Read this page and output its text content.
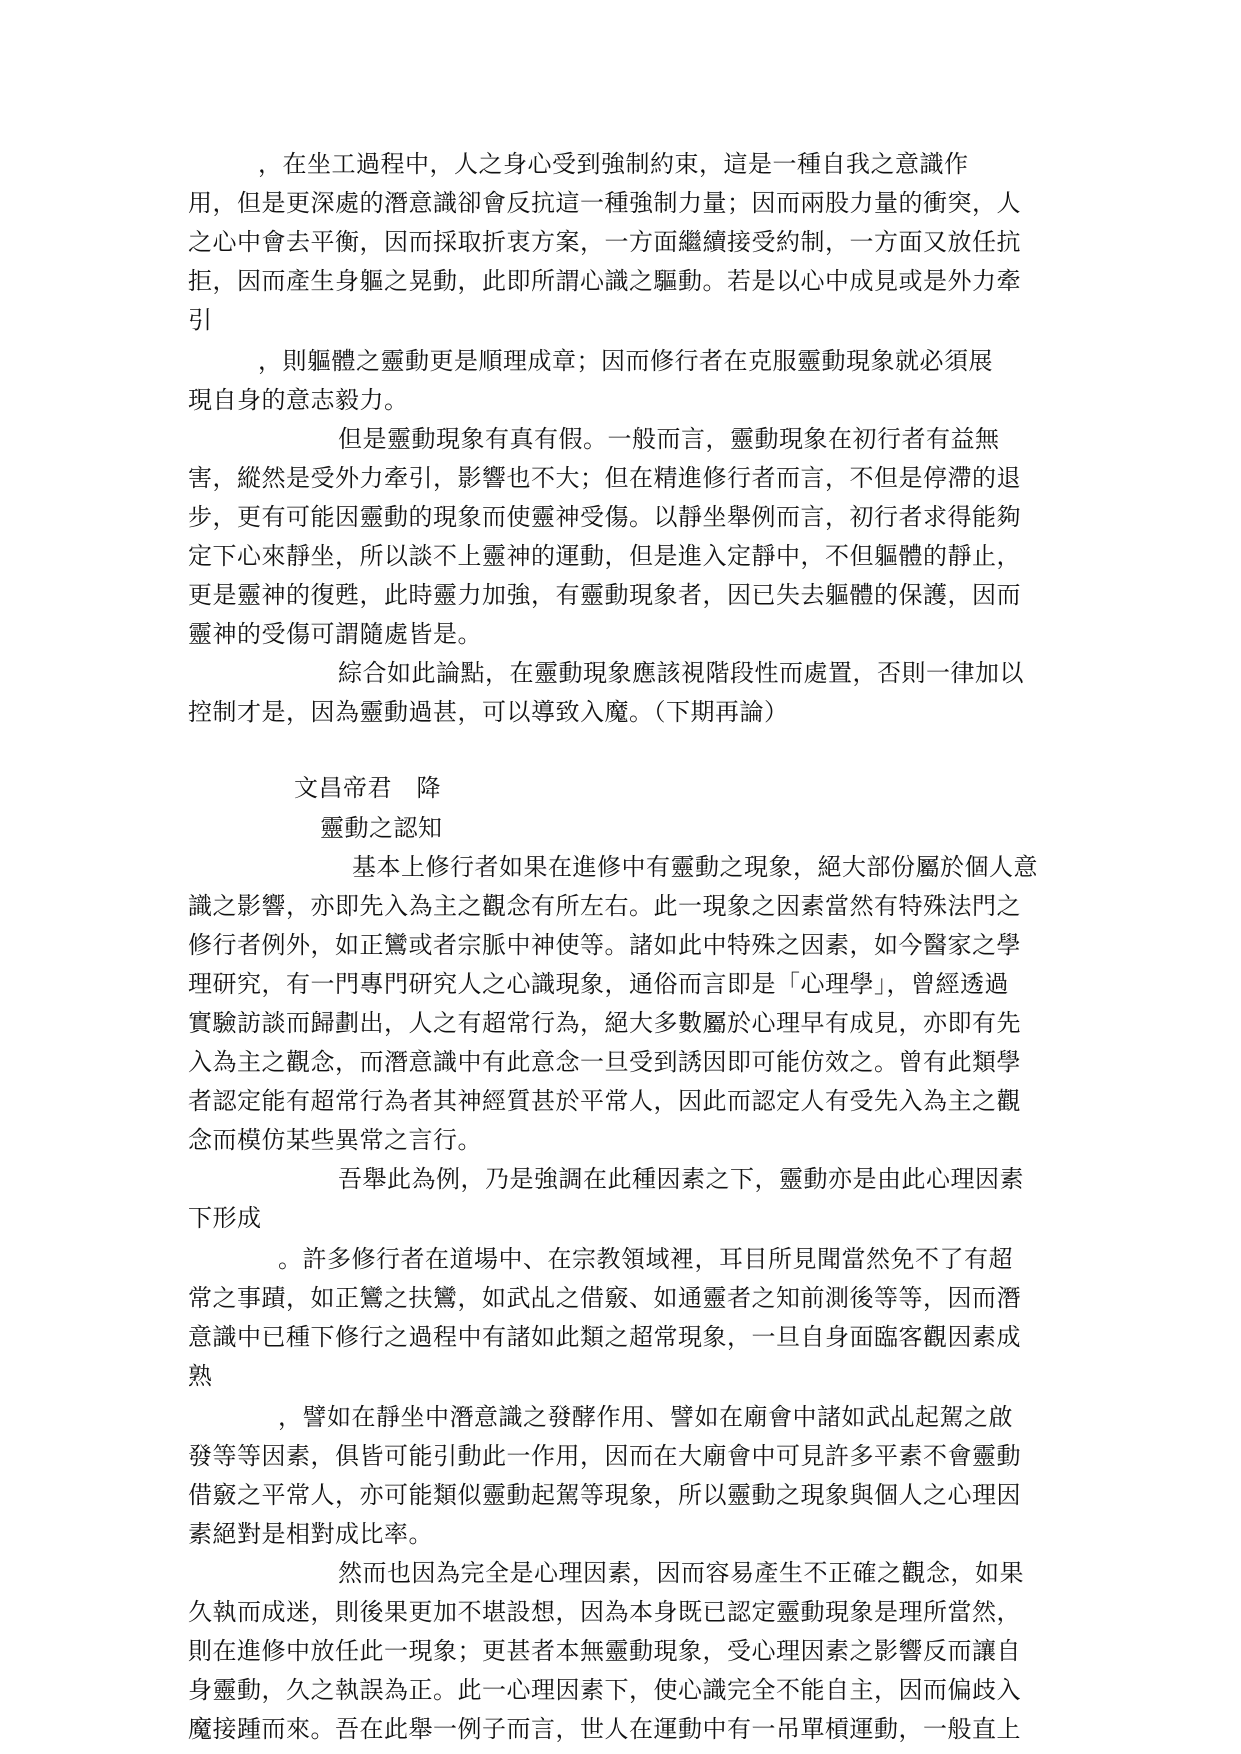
，在坐工過程中，人之身心受到強制約束，這是一種自我之意識作
用，但是更深處的潛意識卻會反抗這一種強制力量；因而兩股力量的衝突，人
之心中會去平衡，因而採取折衷方案，一方面繼續接受約制，一方面又放任抗
拒，因而產生身軀之晃動，此即所謂心識之驅動。若是以心中成見或是外力牽
引
，則軀體之靈動更是順理成章；因而修行者在克服靈動現象就必須展
現自身的意志毅力。
但是靈動現象有真有假。一般而言，靈動現象在初行者有益無
害，縱然是受外力牽引，影響也不大；但在精進修行者而言，不但是停滯的退
步，更有可能因靈動的現象而使靈神受傷。以靜坐舉例而言，初行者求得能夠
定下心來靜坐，所以談不上靈神的運動，但是進入定靜中，不但軀體的靜止，
更是靈神的復甦，此時靈力加強，有靈動現象者，因已失去軀體的保護，因而
靈神的受傷可謂隨處皆是。
綜合如此論點，在靈動現象應該視階段性而處置，否則一律加以
控制才是，因為靈動過甚，可以導致入魔。（下期再論）
文昌帝君　降
靈動之認知
基本上修行者如果在進修中有靈動之現象，絕大部份屬於個人意
識之影響，亦即先入為主之觀念有所左右。此一現象之因素當然有特殊法門之
修行者例外，如正鸞或者宗脈中神使等。諸如此中特殊之因素，如今醫家之學
理研究，有一門專門研究人之心識現象，通俗而言即是「心理學」，曾經透過
實驗訪談而歸劃出，人之有超常行為，絕大多數屬於心理早有成見，亦即有先
入為主之觀念，而潛意識中有此意念一旦受到誘因即可能仿效之。曾有此類學
者認定能有超常行為者其神經質甚於平常人，因此而認定人有受先入為主之觀
念而模仿某些異常之言行。
吾舉此為例，乃是強調在此種因素之下，靈動亦是由此心理因素
下形成
。許多修行者在道場中、在宗教領域裡，耳目所見聞當然免不了有超
常之事蹟，如正鸞之扶鸞，如武乩之借竅、如通靈者之知前測後等等，因而潛
意識中已種下修行之過程中有諸如此類之超常現象，一旦自身面臨客觀因素成
熟
，譬如在靜坐中潛意識之發酵作用、譬如在廟會中諸如武乩起駕之啟
發等等因素，俱皆可能引動此一作用，因而在大廟會中可見許多平素不會靈動
借竅之平常人，亦可能類似靈動起駕等現象，所以靈動之現象與個人之心理因
素絕對是相對成比率。
然而也因為完全是心理因素，因而容易產生不正確之觀念，如果
久執而成迷，則後果更加不堪設想，因為本身既已認定靈動現象是理所當然，
則在進修中放任此一現象；更甚者本無靈動現象，受心理因素之影響反而讓自
身靈動，久之執誤為正。此一心理因素下，使心識完全不能自主，因而偏歧入
魔接踵而來。吾在此舉一例子而言，世人在運動中有一吊單槓運動，一般直上
